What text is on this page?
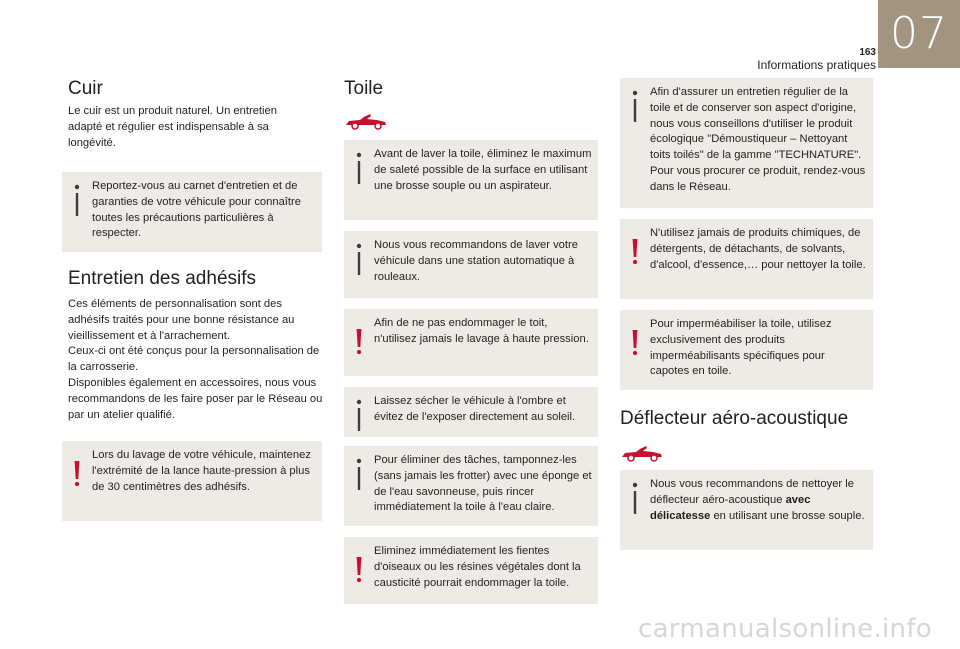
163
Informations pratiques
07
Cuir

Le cuir est un produit naturel. Un entretien adapté et régulier est indispensable à sa longévité.

Reportez-vous au carnet d'entretien et de garanties de votre véhicule pour connaître toutes les précautions particulières à respecter.
Entretien des adhésifs

Ces éléments de personnalisation sont des adhésifs traités pour une bonne résistance au vieillissement et à l'arrachement.

Ceux-ci ont été conçus pour la personnalisation de la carrosserie.

Disponibles également en accessoires, nous vous recommandons de les faire poser par le Réseau ou par un atelier qualifié.

Lors du lavage de votre véhicule, maintenez l'extrémité de la lance haute-pression à plus de 30 centimètres des adhésifs.
Toile
Avant de laver la toile, éliminez le maximum de saleté possible de la surface en utilisant une brosse souple ou un aspirateur.
Nous vous recommandons de laver votre véhicule dans une station automatique à rouleaux.
Afin de ne pas endommager le toit, n'utilisez jamais le lavage à haute pression.
Laissez sécher le véhicule à l'ombre et évitez de l'exposer directement au soleil.
Pour éliminer des tâches, tamponnez-les (sans jamais les frotter) avec une éponge et de l'eau savonneuse, puis rincer immédiatement la toile à l'eau claire.
Eliminez immédiatement les fientes d'oiseaux ou les résines végétales dont la causticité pourrait endommager la toile.
Afin d'assurer un entretien régulier de la toile et de conserver son aspect d'origine, nous vous conseillons d'utiliser le produit écologique "Démoustiqueur – Nettoyant toits toilés" de la gamme "TECHNATURE". Pour vous procurer ce produit, rendez-vous dans le Réseau.
N'utilisez jamais de produits chimiques, de détergents, de détachants, de solvants, d'alcool, d'essence,… pour nettoyer la toile.
Pour imperméabiliser la toile, utilisez exclusivement des produits imperméabilisants spécifiques pour capotes en toile.
Déflecteur aéro-acoustique
Nous vous recommandons de nettoyer le déflecteur aéro-acoustique avec délicatesse en utilisant une brosse souple.
carmanualsonline.info
